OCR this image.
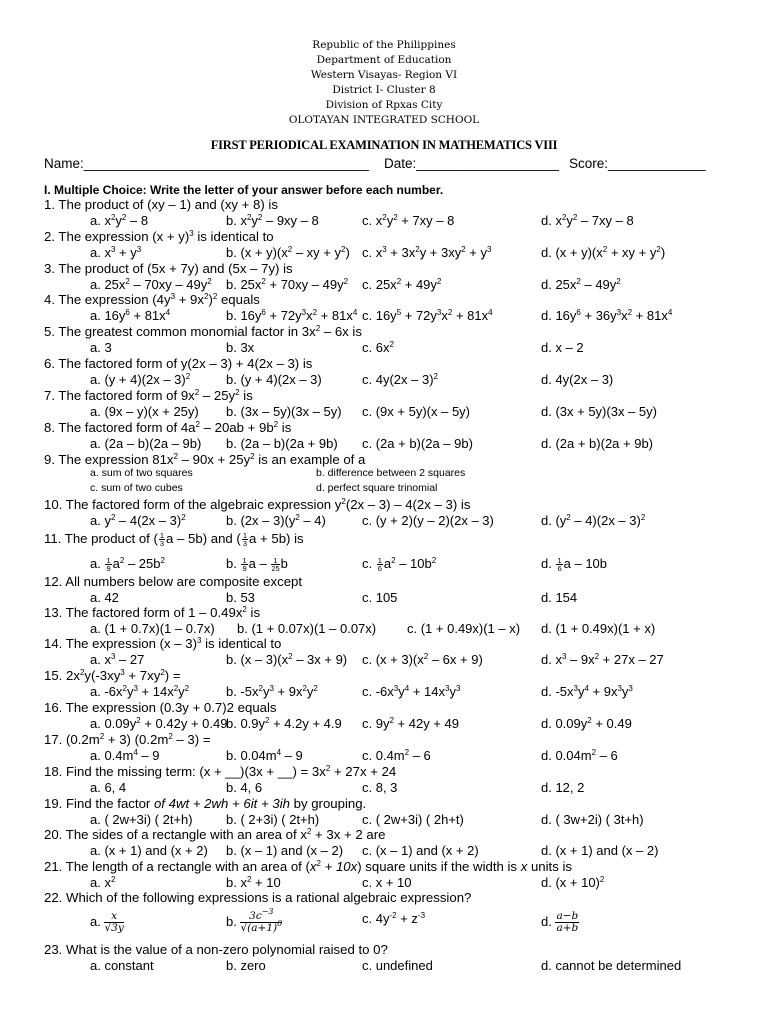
Republic of the Philippines
Department of Education
Western Visayas- Region VI
District I- Cluster 8
Division of Rpxas City
OLOTAYAN INTEGRATED SCHOOL
FIRST PERIODICAL EXAMINATION IN MATHEMATICS VIII
Name:______________________________________ Date:___________________ Score:_____________
I. Multiple Choice: Write the letter of your answer before each number.
1. The product of (xy – 1) and (xy + 8) is
a. $x^2y^2 - 8$	b. $x^2y^2 - 9xy - 8$	c. $x^2y^2 + 7xy - 8$	d. $x^2y^2 - 7xy - 8$
2. The expression $(x + y)^3$ is identical to
a. $x^3 + y^3$	b. $(x + y)(x^2$ – xy + $y^2$) c. $x^3 + 3x^2y + 3xy^2 + y^3$	d. $(x + y)(x^2$ + xy + $y^2$)
3. The product of (5x + 7y) and (5x – 7y) is
a. $25x^2 - 70xy - 49y^2$ b. $25x^2 + 70xy - 49y^2$ c. $25x^2 + 49y^2$	d. $25x^2 - 49y^2$
4. The expression $(4y^3 + 9x^2)^2$ equals
a. $16y^6 + 81x^4$	b. $16y^6 + 72y^3x^2 + 81x^4$ c. $16y^5 + 72y^3x^2 + 81x^4$	d. $16y^6 + 36y^3x^2 + 81x^4$
5. The greatest common monomial factor in $3x^2 - 6x$ is
a. 3	b. 3x	c. $6x^2$	d. x – 2
6. The factored form of y(2x – 3) + 4(2x – 3) is
a. (y + 4)(2x – 3)$^2$	b. (y + 4)(2x – 3)	c. 4y(2x – 3)$^2$	d. 4y(2x – 3)
7. The factored form of $9x^2 - 25y^2$ is
a. (9x – y)(x + 25y) b. (3x – 5y)(3x – 5y) c. (9x + 5y)(x – 5y)	d. (3x + 5y)(3x – 5y)
8. The factored form of $4a^2 - 20ab + 9b^2$ is
a. (2a – b)(2a – 9b) b. (2a – b)(2a + 9b) c. (2a + b)(2a – 9b)	d. (2a + b)(2a + 9b)
9. The expression $81x^2 - 90x + 25y^2$ is an example of a
a. sum of two squares	b. difference between 2 squares
c. sum of two cubes	d. perfect square trinomial
10. The factored form of the algebraic expression $y^2(2x - 3) - 4(2x - 3)$ is
a. $y^2 - 4(2x - 3)^2$	b. $(2x - 3)(y^2 - 4)$	c. (y + 2)(y – 2)(2x – 3)	d. $(y^2 - 4)(2x - 3)^2$
11. The product of ( $\frac{1}{3}$ a – 5b) and ( $\frac{1}{3}$ a + 5b) is
a. $\frac{1}{9} a^2 - 25b^2$	b. $\frac{1}{9}$ a – $\frac{1}{25}$ b	c. $\frac{1}{6} a^2 - 10b^2$	d. $\frac{1}{6}$ a – 10b
12. All numbers below are composite except
a. 42	b. 53	c. 105	d. 154
13. The factored form of $1 - 0.49x^2$ is
a. (1 + 0.7x)(1 – 0.7x) b. (1 + 0.07x)(1 – 0.07x) c. (1 + 0.49x)(1 – x) d. (1 + 0.49x)(1 + x)
14. The expression (x – 3)$^3$ is identical to
a. $x^3 - 27$	b. $(x - 3)(x^2 - 3x + 9)$ c. $(x + 3)(x^2 - 6x + 9)$	d. $x^3 - 9x^2 + 27x - 27$
15. $2x^2y(-3xy^3 + 7xy^2)$ =
a. $-6x^2y^3 + 14x^2y^2$	b. $-5x^2y^3 + 9x^2y^2$	c. $-6x^3y^4 + 14x^3y^3$	d. $-5x^3y^4 + 9x^3y^3$
16. The expression (0.3y + 0.7)2 equals
a. $0.09y^2 + 0.42y + 0.49$
b. $0.9y^2 + 4.2y + 4.9$ c. $9y^2 + 42y + 49$	d. $0.09y^2 + 0.49$
17. $(0.2m^2 + 3)$ $(0.2m^2 - 3)$ =
a. $0.4m^4 - 9$	b. $0.04m^4 - 9$	c. $0.4m^2 - 6$	d. $0.04m^2 - 6$
18. Find the missing term: (x + __)(3x + __) = $3x^2 + 27x + 24$
a. 6, 4	b. 4, 6	c. 8, 3	d. 12, 2
19. Find the factor of 4wt + 2wh + 6it + 3ih by grouping.
a. ( 2w+3i) ( 2t+h)	b. ( 2+3i) ( 2t+h)	c. ( 2w+3i) ( 2h+t)	d. ( 3w+2i) ( 3t+h)
20. The sides of a rectangle with an area of $x^2 + 3x + 2$ are
a. (x + 1) and (x + 2) b. (x – 1) and (x – 2) c. (x – 1) and (x + 2)	d. (x + 1) and (x – 2)
21. The length of a rectangle with an area of $(x^2 + 10x)$ square units if the width is x units is
a. $x^2$	b. $x^2 + 10$	c. x + 10	d. $(x + 10)^2$
22. Which of the following expressions is a rational algebraic expression?
a. $\frac{x}{√3y}$	b. $\frac{3c^{-3}}{√(a+1)^0}$	c. $4y^{-2} + z^{-3}$	d. $\frac{a-b}{a+b}$
23. What is the value of a non-zero polynomial raised to 0?
a. constant	b. zero	c. undefined	d. cannot be determined
